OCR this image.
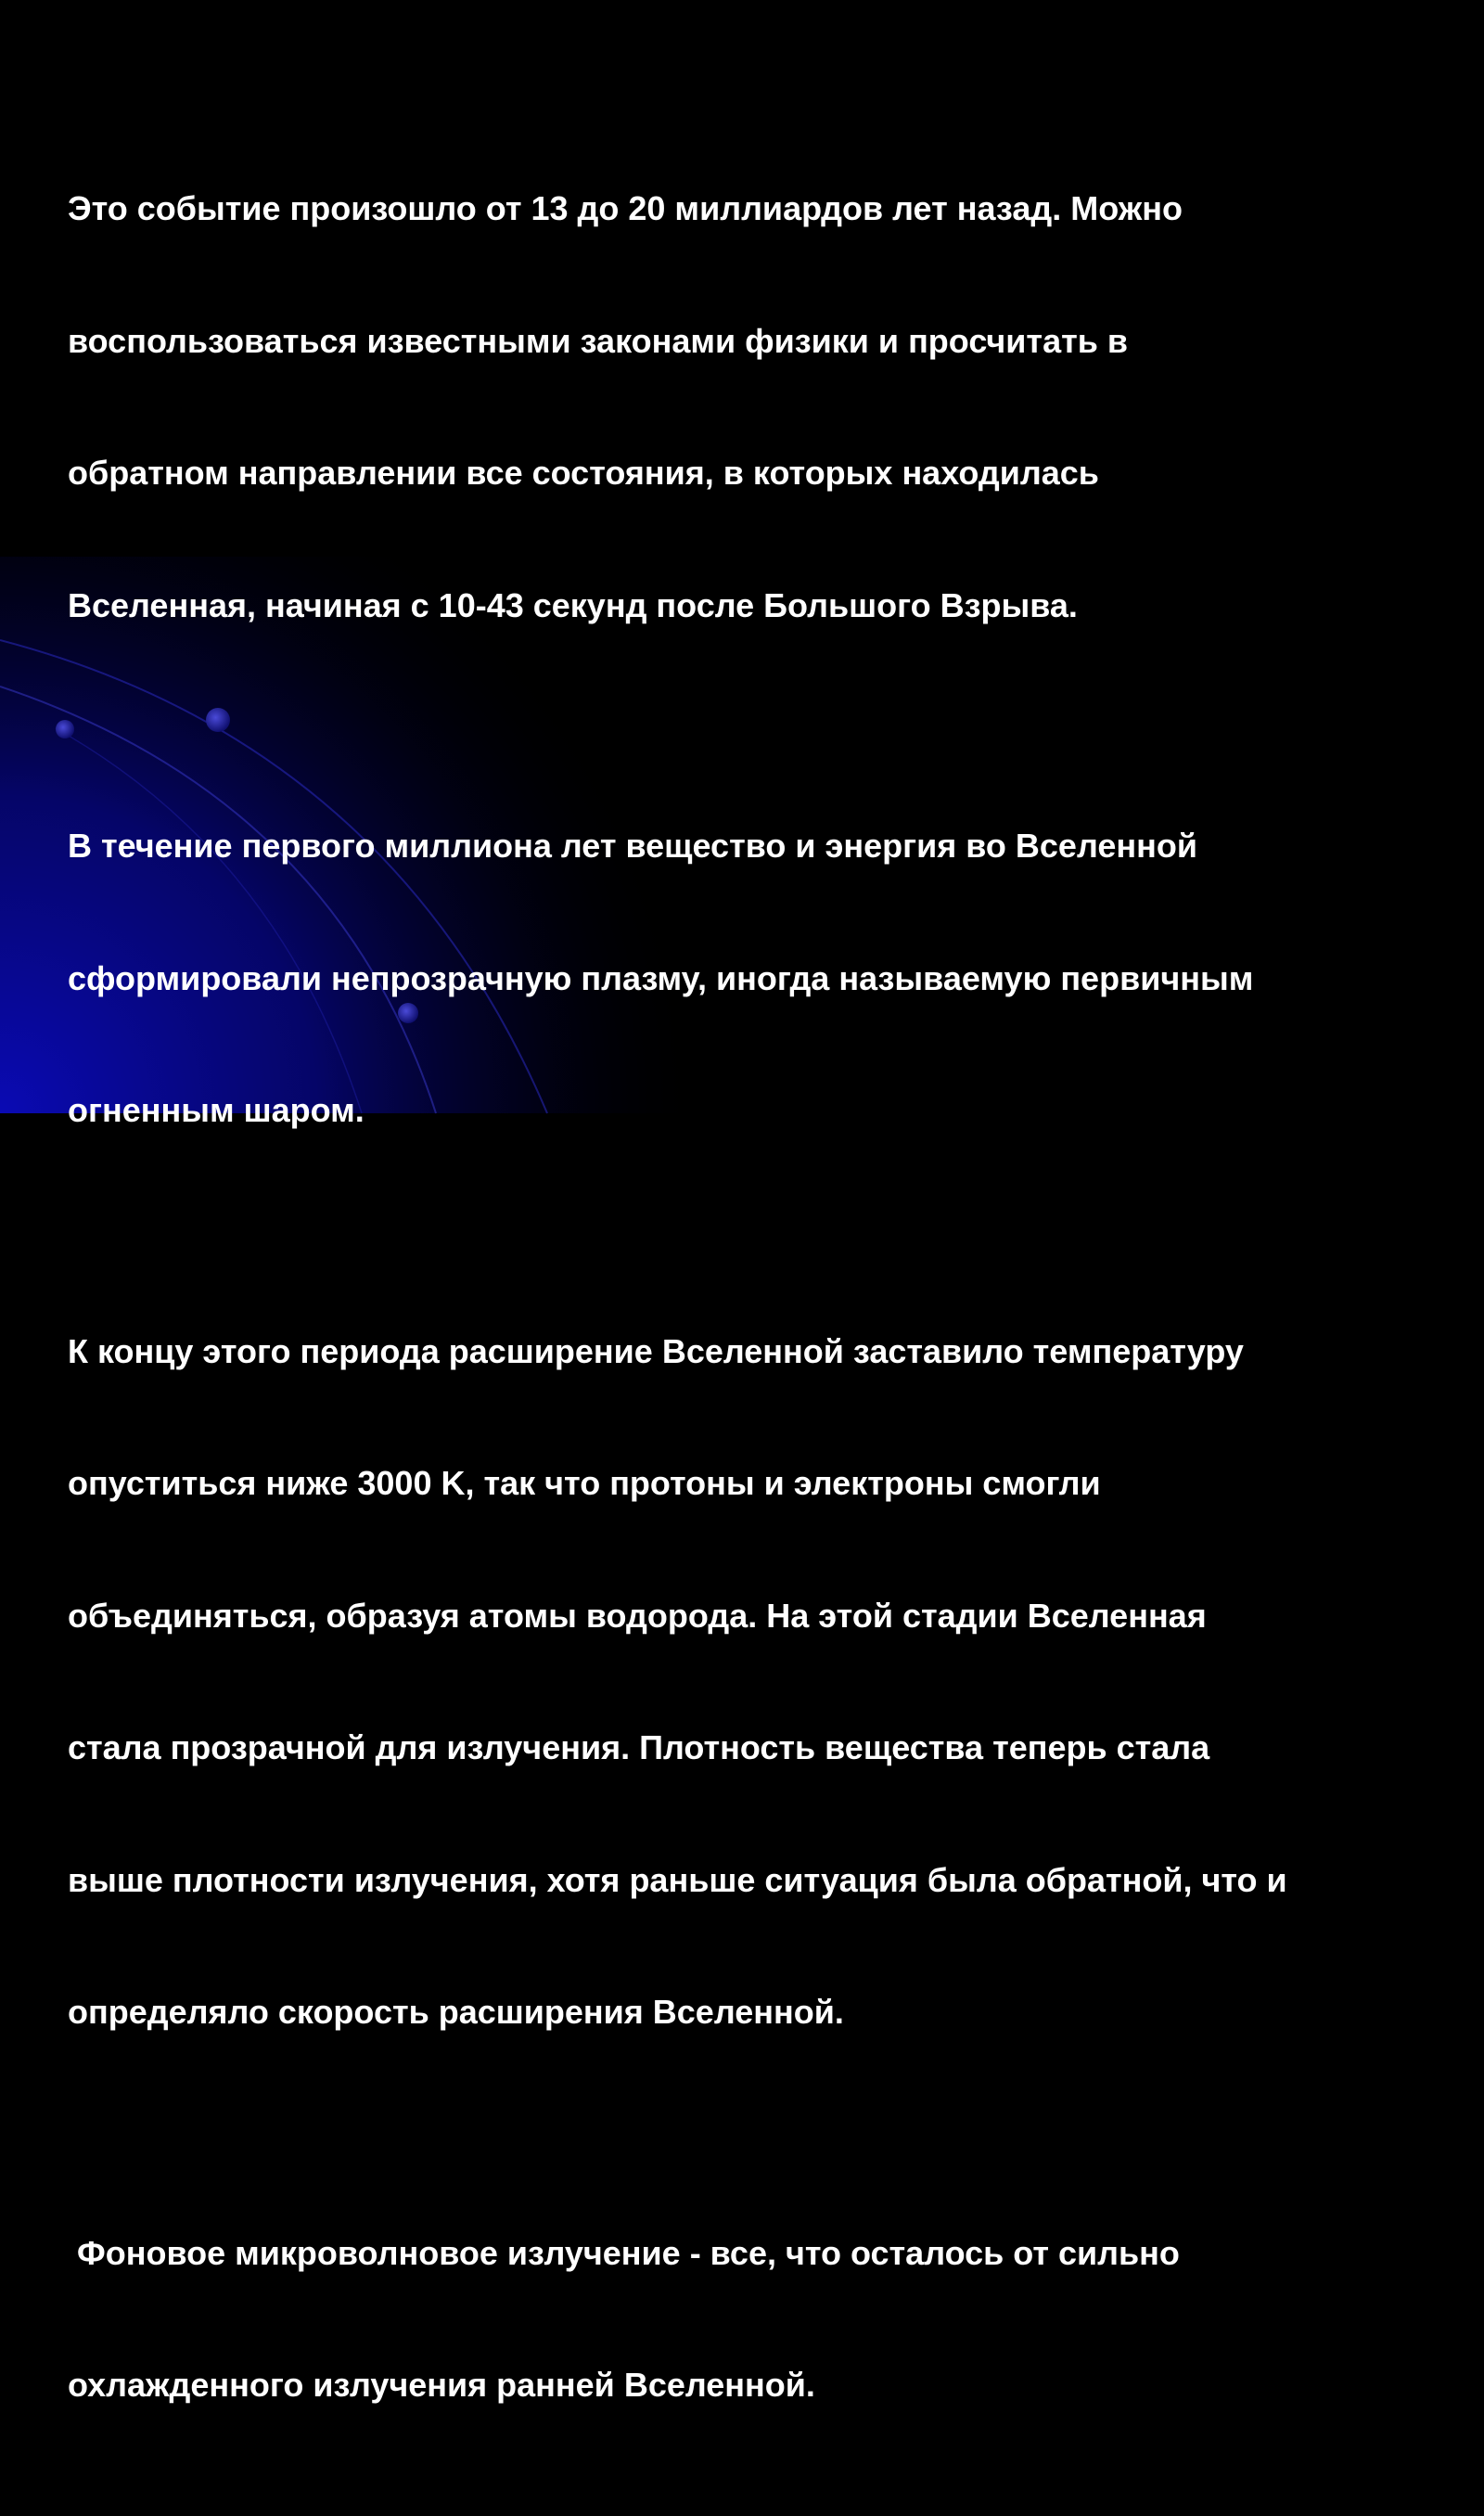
Это событие произошло от 13 до 20 миллиардов лет назад. Можно

воспользоваться известными законами физики и просчитать в

обратном направлении все состояния, в которых находилась

Вселенная, начиная с 10-43 секунд после Большого Взрыва.

В течение первого миллиона лет вещество и энергия во Вселенной

сформировали непрозрачную плазму, иногда называемую первичным

огненным шаром.

К концу этого периода расширение Вселенной заставило температуру

опуститься ниже 3000 K, так что протоны и электроны смогли

объединяться, образуя атомы водорода. На этой стадии Вселенная

стала прозрачной для излучения. Плотность вещества теперь стала

выше плотности излучения, хотя раньше ситуация была обратной, что и

определяло скорость расширения Вселенной.

Фоновое микроволновое излучение - все, что осталось от сильно

охлажденного излучения ранней Вселенной.
